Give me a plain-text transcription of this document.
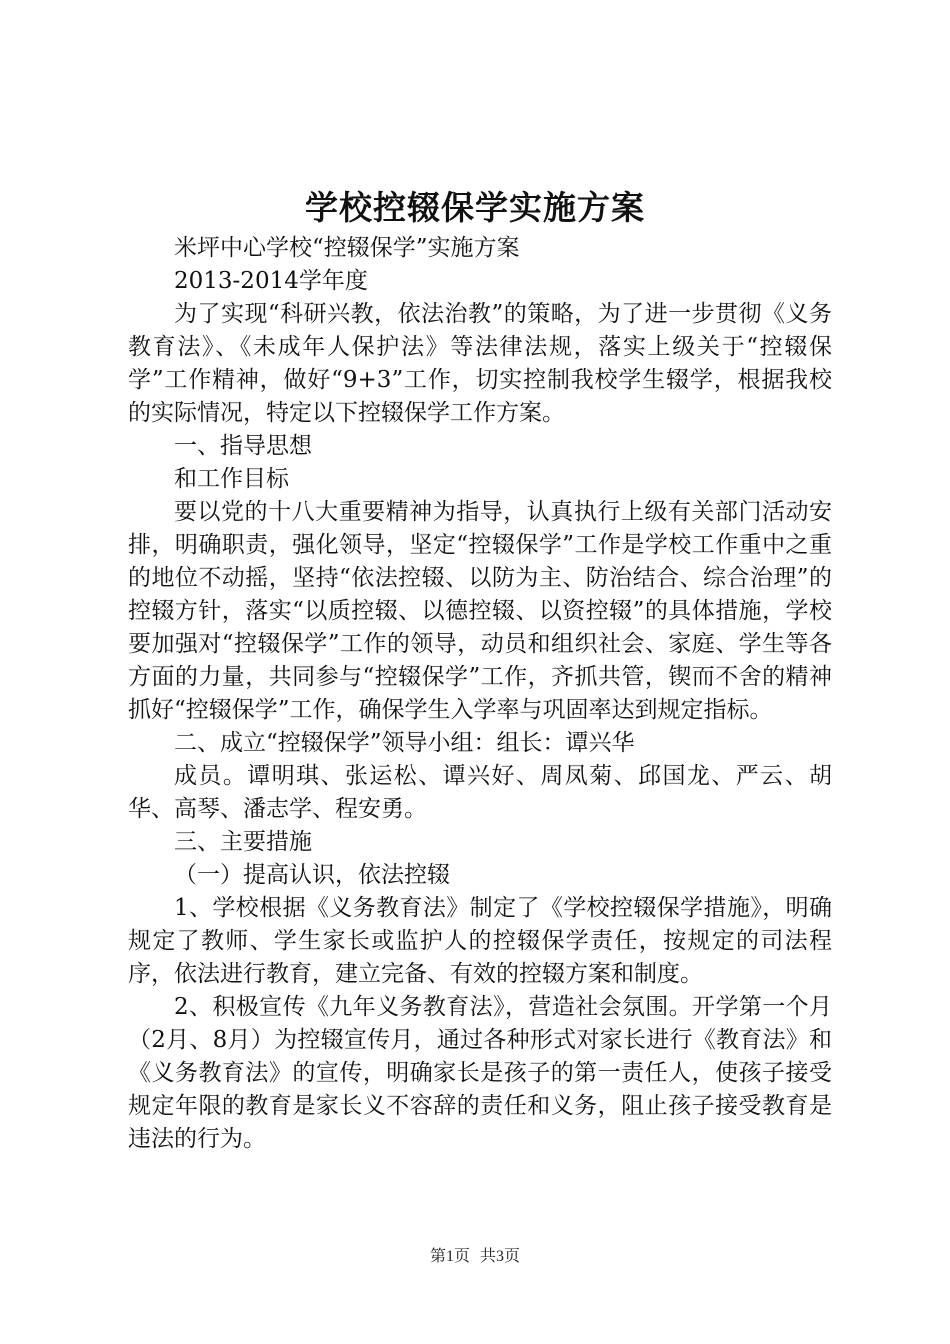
学校控辍保学实施方案

米坪中心学校“控辍保学”实施方案

2013-2014学年度

为了实现“科研兴教，依法治教”的策略，为了进一步贯彻《义务教育法》、《未成年人保护法》等法律法规，落实上级关于“控辍保学”工作精神，做好“9+3”工作，切实控制我校学生辍学，根据我校的实际情况，特定以下控辍保学工作方案。

一、指导思想

和工作目标

要以党的十八大重要精神为指导，认真执行上级有关部门活动安排，明确职责，强化领导，坚定“控辍保学”工作是学校工作重中之重的地位不动摇，坚持“依法控辍、以防为主、防治结合、综合治理”的控辍方针，落实“以质控辍、以德控辍、以资控辍”的具体措施，学校要加强对“控辍保学”工作的领导，动员和组织社会、家庭、学生等各方面的力量，共同参与“控辍保学”工作，齐抓共管，锲而不舍的精神抓好“控辍保学”工作，确保学生入学率与巩固率达到规定指标。

二、成立“控辍保学”领导小组：组长：谭兴华

成员。谭明琪、张运松、谭兴好、周凤菊、邱国龙、严云、胡华、高琴、潘志学、程安勇。

三、主要措施

（一）提高认识，依法控辍

1、学校根据《义务教育法》制定了《学校控辍保学措施》，明确规定了教师、学生家长或监护人的控辍保学责任，按规定的司法程序，依法进行教育，建立完备、有效的控辍方案和制度。

2、积极宣传《九年义务教育法》，营造社会氛围。开学第一个月（2月、8月）为控辍宣传月，通过各种形式对家长进行《教育法》和《义务教育法》的宣传，明确家长是孩子的第一责任人，使孩子接受规定年限的教育是家长义不容辞的责任和义务，阻止孩子接受教育是违法的行为。

第1页 共3页
